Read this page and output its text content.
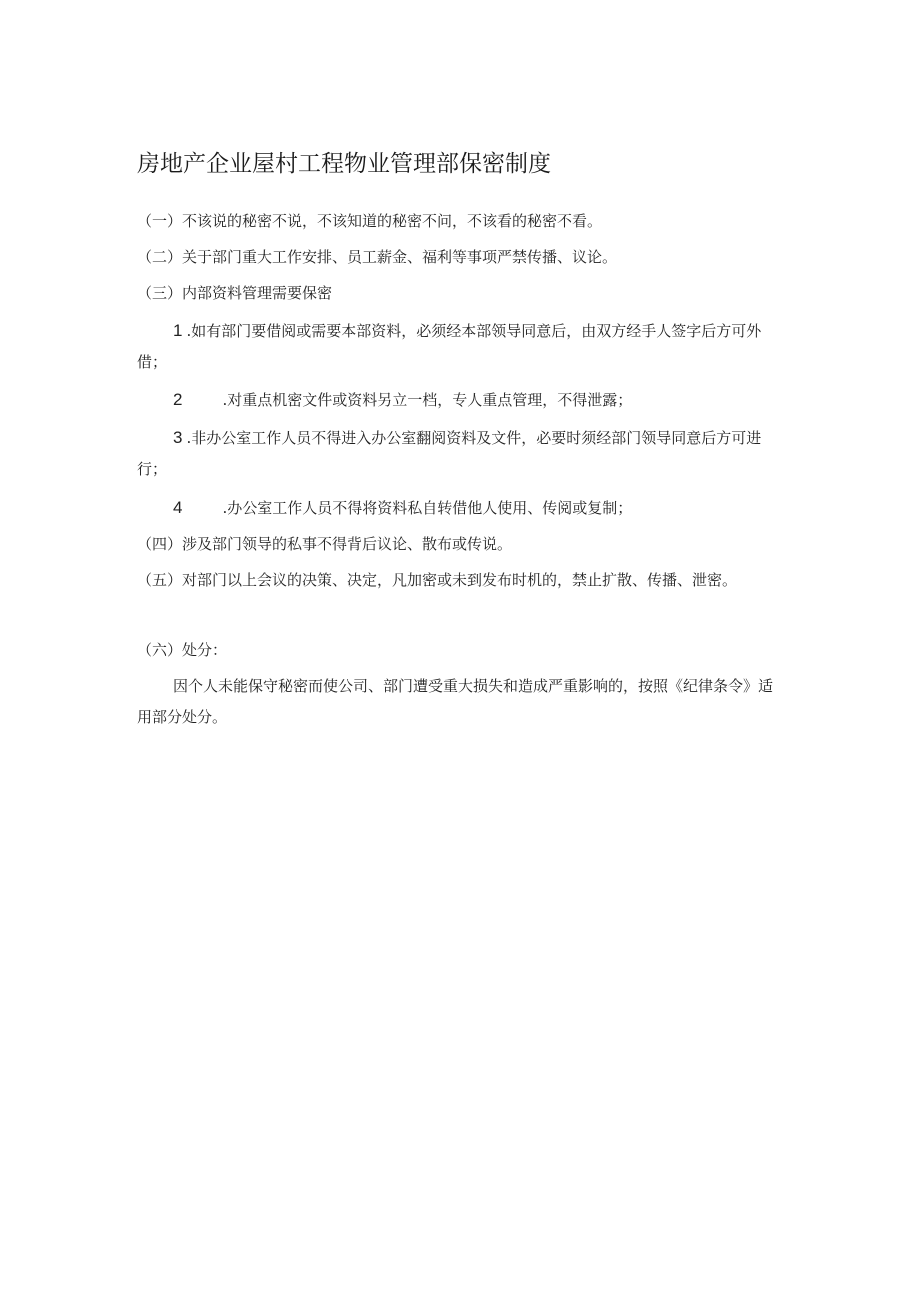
房地产企业屋村工程物业管理部保密制度
（一）不该说的秘密不说，不该知道的秘密不问，不该看的秘密不看。
（二）关于部门重大工作安排、员工薪金、福利等事项严禁传播、议论。
（三）内部资料管理需要保密
1 .如有部门要借阅或需要本部资料，必须经本部领导同意后，由双方经手人签字后方可外借；
2	.对重点机密文件或资料另立一档，专人重点管理，不得泄露；
3 .非办公室工作人员不得进入办公室翻阅资料及文件，必要时须经部门领导同意后方可进行；
4	.办公室工作人员不得将资料私自转借他人使用、传阅或复制；
（四）涉及部门领导的私事不得背后议论、散布或传说。
（五）对部门以上会议的决策、决定，凡加密或未到发布时机的，禁止扩散、传播、泄密。
（六）处分：
因个人未能保守秘密而使公司、部门遭受重大损失和造成严重影响的，按照《纪律条令》适用部分处分。
